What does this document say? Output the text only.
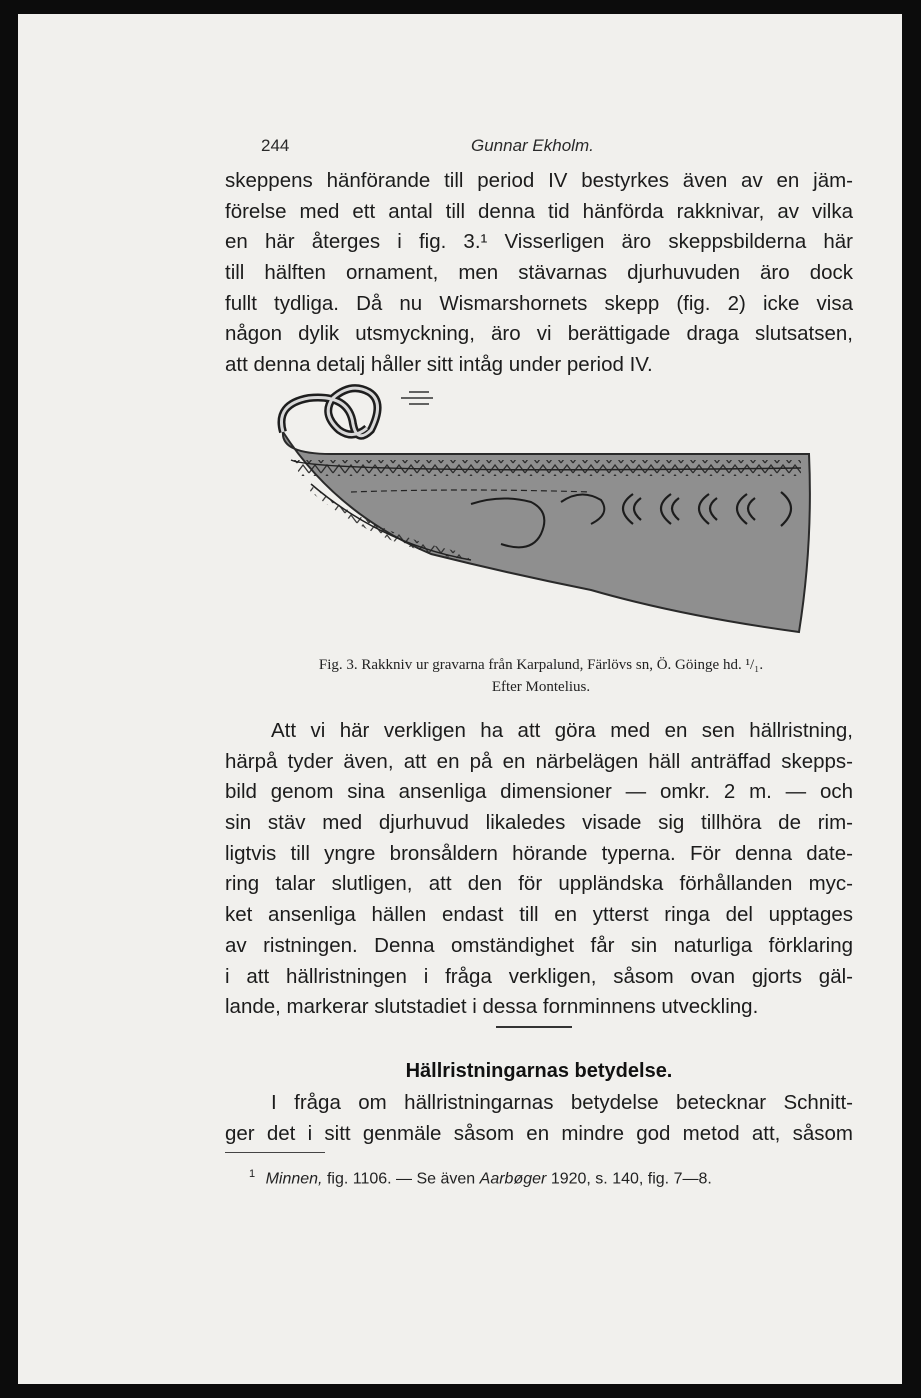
244	Gunnar Ekholm.
skeppens hänförande till period IV bestyrkes även av en jäm-
förelse med ett antal till denna tid hänförda rakknivar, av vilka
en här återges i fig. 3.¹ Visserligen äro skeppsbilderna här
till hälften ornament, men stävarnas djurhuvuden äro dock
fullt tydliga. Då nu Wismarshornets skepp (fig. 2) icke visa
någon dylik utsmyckning, äro vi berättigade draga slutsatsen,
att denna detalj håller sitt intåg under period IV.
Fig. 3. Rakkniv ur gravarna från Karpalund, Färlövs sn, Ö. Göinge hd. ¹/₁.
Efter Montelius.
Att vi här verkligen ha att göra med en sen hällristning,
härpå tyder även, att en på en närbelägen häll anträffad skepps-
bild genom sina ansenliga dimensioner — omkr. 2 m. — och
sin stäv med djurhuvud likaledes visade sig tillhöra de rim-
ligtvis till yngre bronsåldern hörande typerna. För denna date-
ring talar slutligen, att den för uppländska förhållanden myc-
ket ansenliga hällen endast till en ytterst ringa del upptages
av ristningen. Denna omständighet får sin naturliga förklaring
i att hällristningen i fråga verkligen, såsom ovan gjorts gäl-
lande, markerar slutstadiet i dessa fornminnens utveckling.
Hällristningarnas betydelse.
I fråga om hällristningarnas betydelse betecknar Schnitt-
ger det i sitt genmäle såsom en mindre god metod att, såsom
$^1$ Minnen, fig. 1106. — Se även Aarbøger 1920, s. 140, fig. 7—8.
